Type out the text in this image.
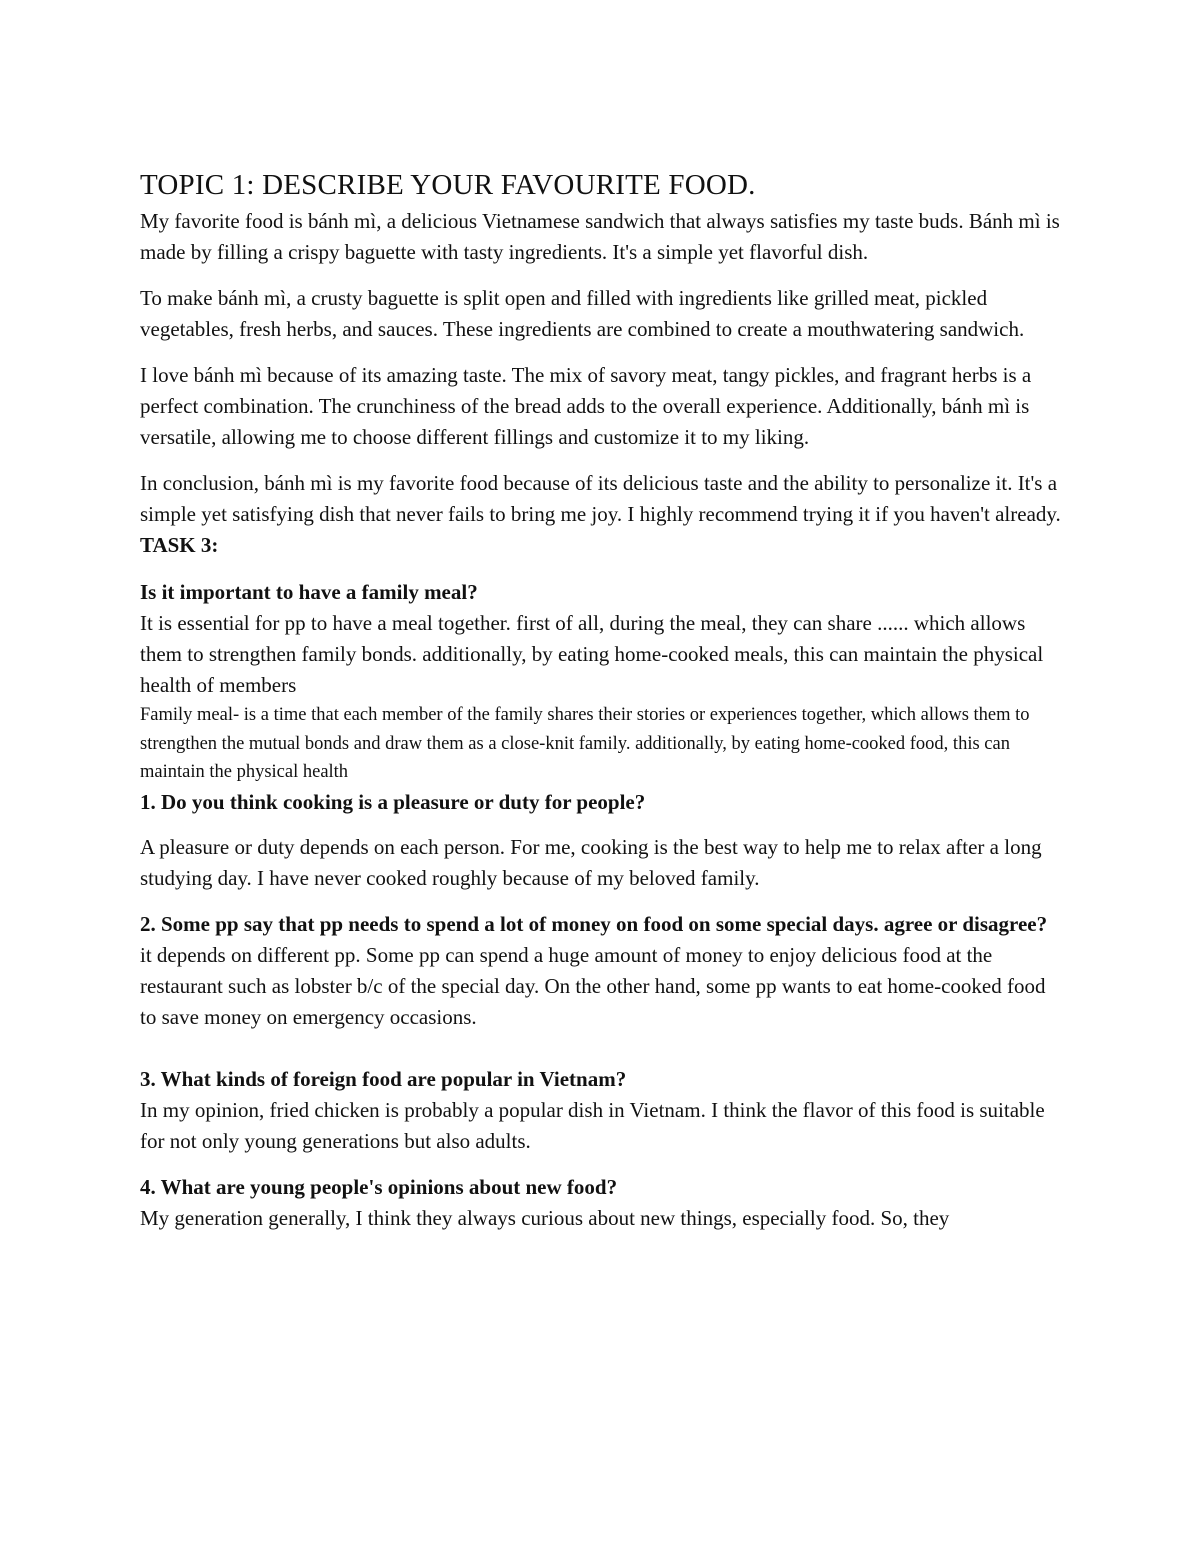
TOPIC 1: DESCRIBE YOUR FAVOURITE FOOD.

My favorite food is bánh mì, a delicious Vietnamese sandwich that always satisfies my taste buds. Bánh mì is made by filling a crispy baguette with tasty ingredients. It's a simple yet flavorful dish.

To make bánh mì, a crusty baguette is split open and filled with ingredients like grilled meat, pickled vegetables, fresh herbs, and sauces. These ingredients are combined to create a mouthwatering sandwich.

I love bánh mì because of its amazing taste. The mix of savory meat, tangy pickles, and fragrant herbs is a perfect combination. The crunchiness of the bread adds to the overall experience. Additionally, bánh mì is versatile, allowing me to choose different fillings and customize it to my liking.

In conclusion, bánh mì is my favorite food because of its delicious taste and the ability to personalize it. It's a simple yet satisfying dish that never fails to bring me joy. I highly recommend trying it if you haven't already.

TASK 3:

Is it important to have a family meal?

It is essential for pp to have a meal together. first of all, during the meal, they can share ...... which allows them to strengthen family bonds. additionally, by eating home-cooked meals, this can maintain the physical health of members

Family meal- is a time that each member of the family shares their stories or experiences together, which allows them to strengthen the mutual bonds and draw them as a close-knit family. additionally, by eating home-cooked food, this can maintain the physical health

1. Do you think cooking is a pleasure or duty for people?

A pleasure or duty depends on each person. For me, cooking is the best way to help me to relax after a long studying day. I have never cooked roughly because of my beloved family.

2. Some pp say that pp needs to spend a lot of money on food on some special days. agree or disagree?

it depends on different pp. Some pp can spend a huge amount of money to enjoy delicious food at the restaurant such as lobster b/c of the special day. On the other hand, some pp wants to eat home-cooked food to save money on emergency occasions.

3. What kinds of foreign food are popular in Vietnam?

In my opinion, fried chicken is probably a popular dish in Vietnam. I think the flavor of this food is suitable for not only young generations but also adults.

4. What are young people's opinions about new food?

My generation generally, I think they always curious about new things, especially food. So, they
